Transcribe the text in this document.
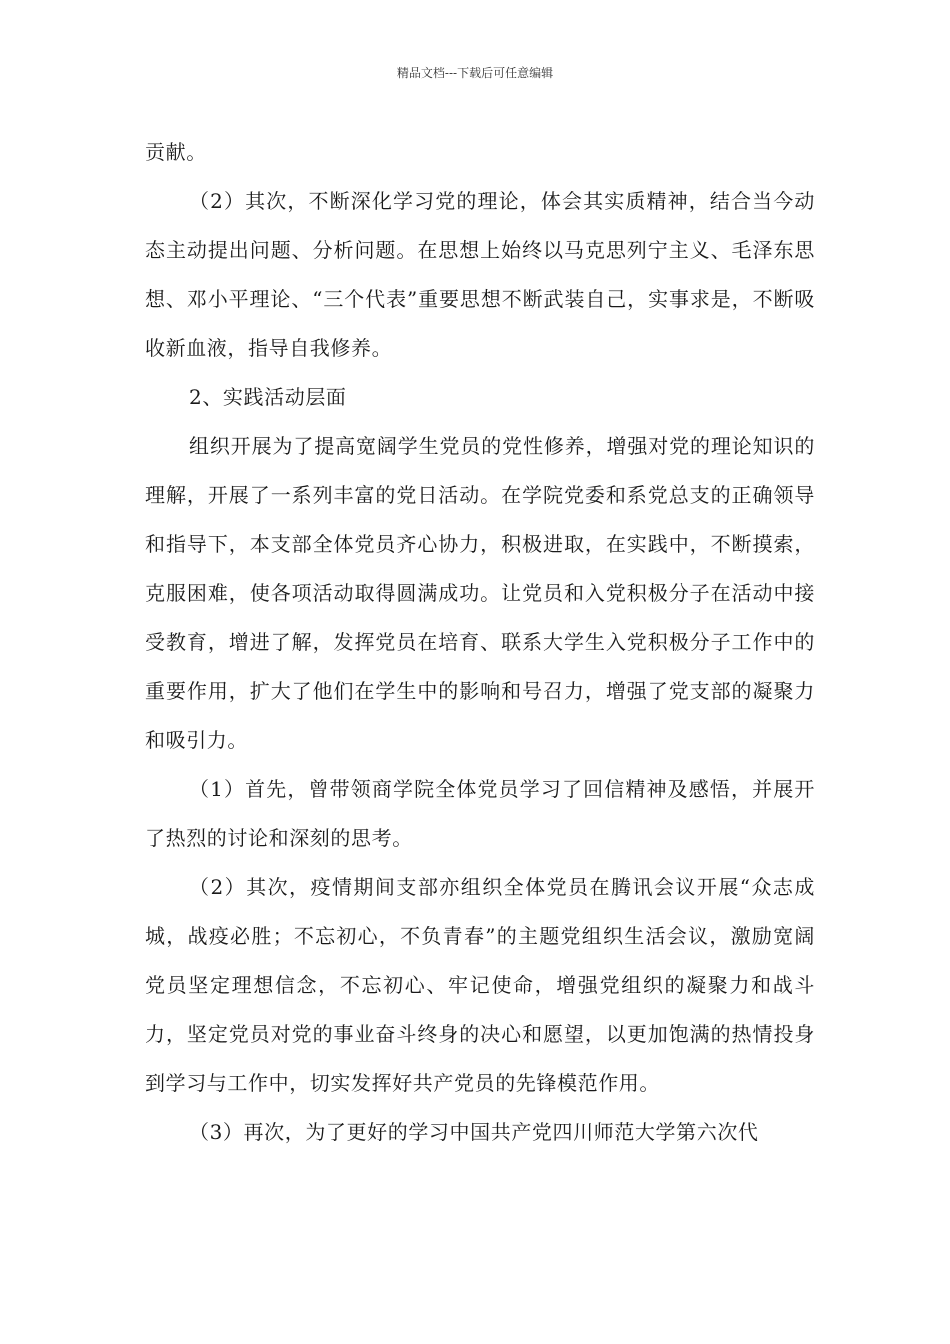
精品文档---下载后可任意编辑

贡献。

（2）其次，不断深化学习党的理论，体会其实质精神，结合当今动态主动提出问题、分析问题。在思想上始终以马克思列宁主义、毛泽东思想、邓小平理论、“三个代表”重要思想不断武装自己，实事求是，不断吸收新血液，指导自我修养。

2、实践活动层面

组织开展为了提高宽阔学生党员的党性修养，增强对党的理论知识的理解，开展了一系列丰富的党日活动。在学院党委和系党总支的正确领导和指导下，本支部全体党员齐心协力，积极进取，在实践中，不断摸索，克服困难，使各项活动取得圆满成功。让党员和入党积极分子在活动中接受教育，增进了解，发挥党员在培育、联系大学生入党积极分子工作中的重要作用，扩大了他们在学生中的影响和号召力，增强了党支部的凝聚力和吸引力。

（1）首先，曾带领商学院全体党员学习了回信精神及感悟，并展开了热烈的讨论和深刻的思考。

（2）其次，疫情期间支部亦组织全体党员在腾讯会议开展“众志成城，战疫必胜；不忘初心，不负青春”的主题党组织生活会议，激励宽阔党员坚定理想信念，不忘初心、牢记使命，增强党组织的凝聚力和战斗力，坚定党员对党的事业奋斗终身的决心和愿望，以更加饱满的热情投身到学习与工作中，切实发挥好共产党员的先锋模范作用。

（3）再次，为了更好的学习中国共产党四川师范大学第六次代
